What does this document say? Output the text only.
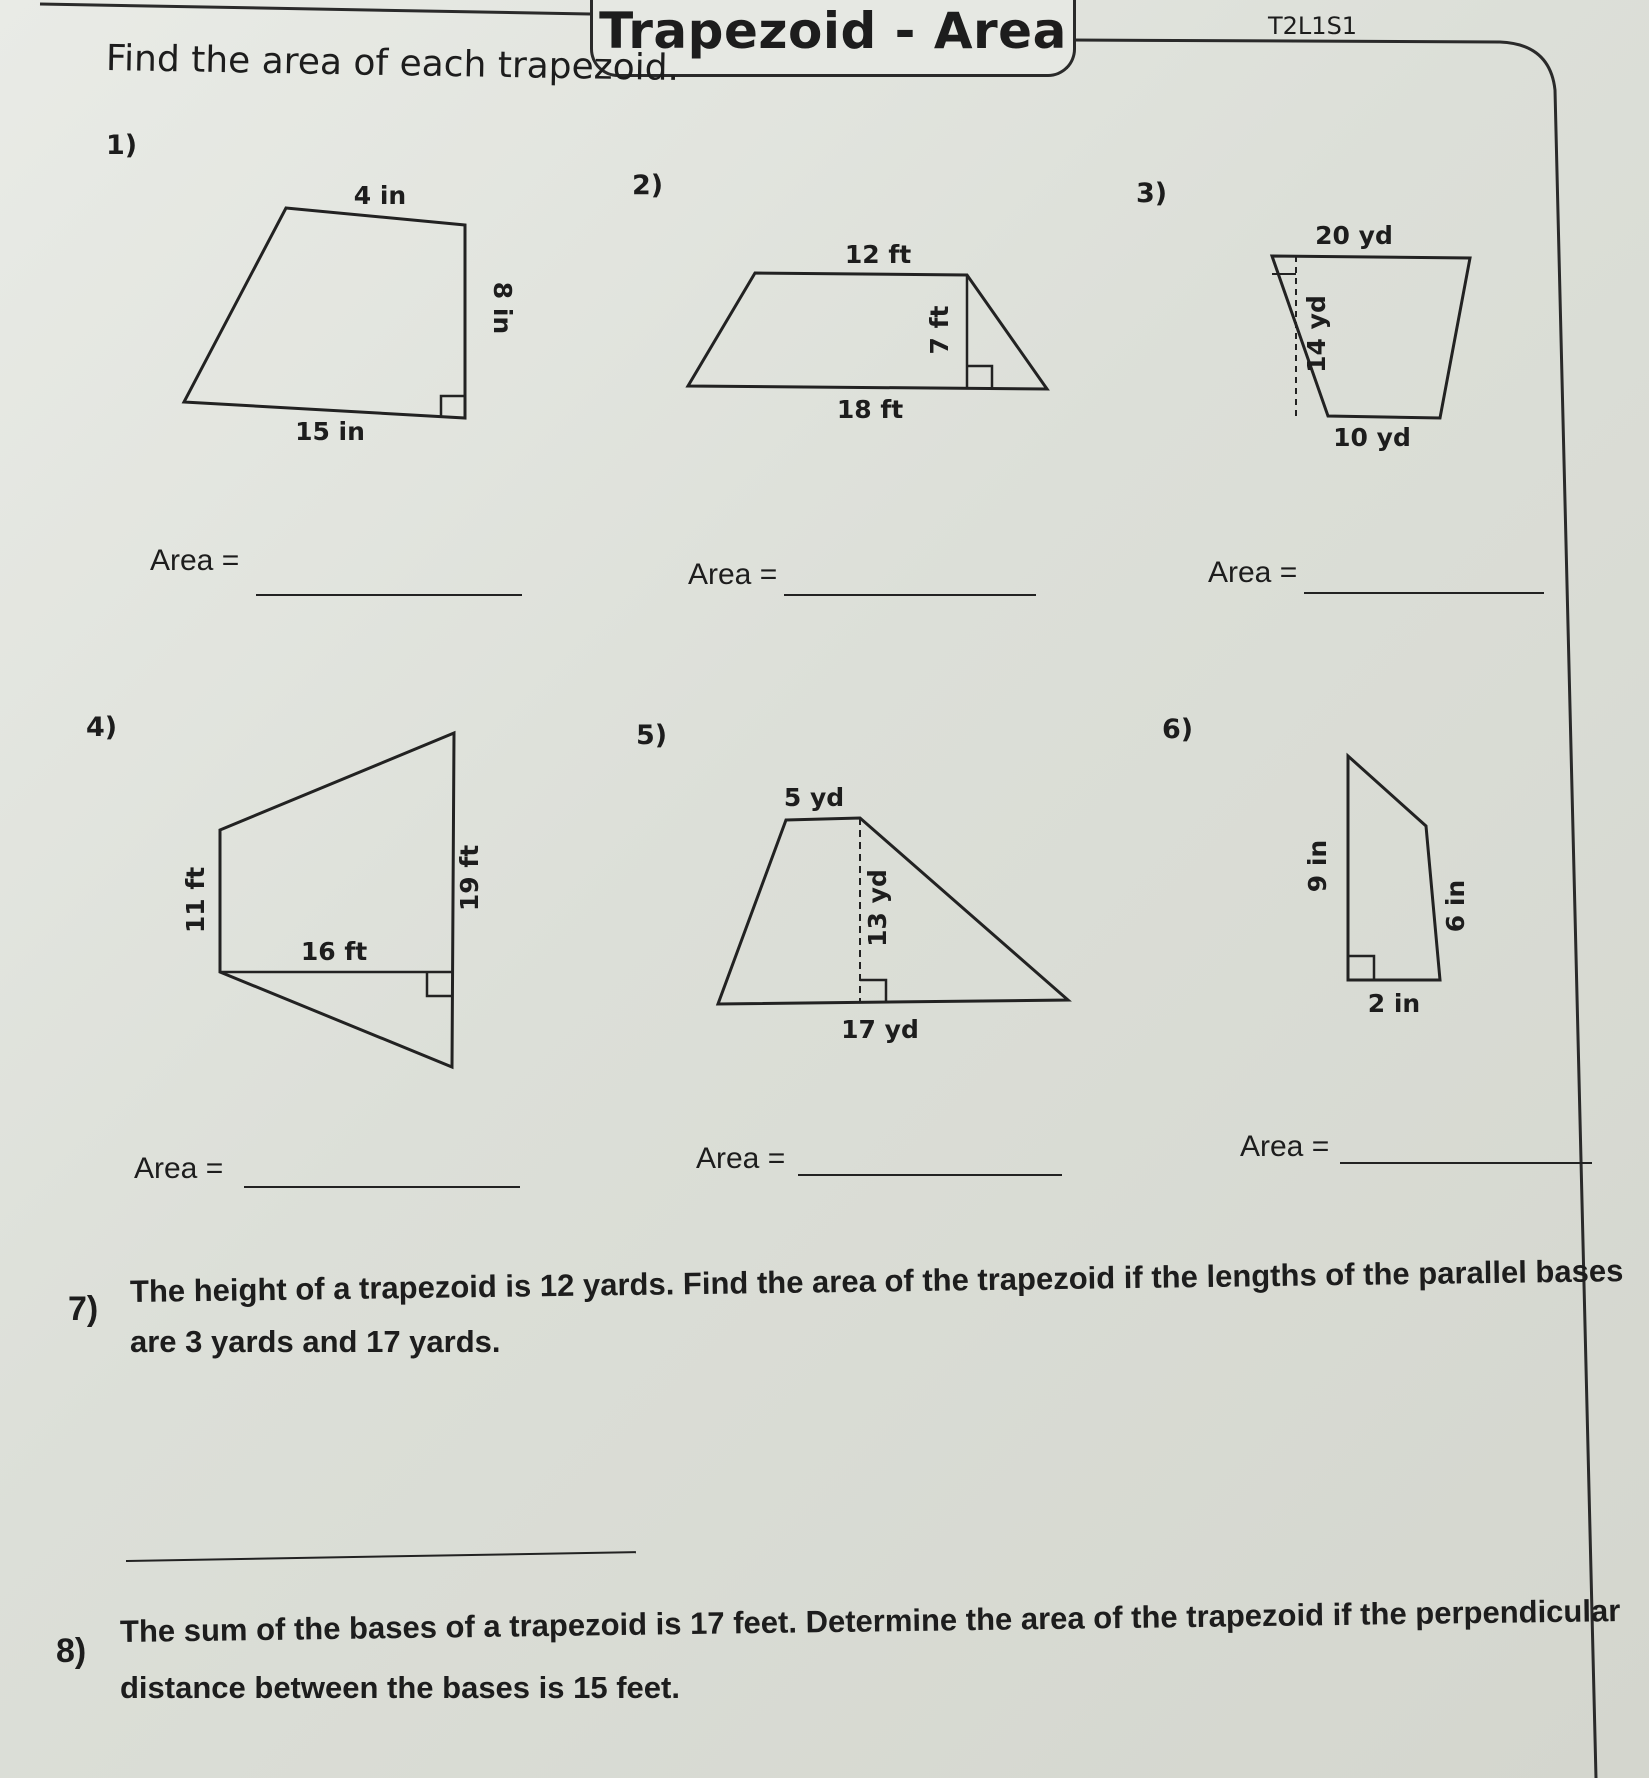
Trapezoid - Area	T2L1S1
Find the area of each trapezoid.
1)
2)	3)
4)	5)	6)
4 in
8 in
15 in
12 ft
7 ft
18 ft
20 yd
14 yd
10 yd
11 ft	19 ft
16 ft
5 yd
13 yd
17 yd
9 in
6 in
2 in
Area =	Area =	Area =
Area =	Area =	Area =
7)
The height of a trapezoid is 12 yards. Find the area of the trapezoid if the lengths of the parallel bases
are 3 yards and 17 yards.
8)
The sum of the bases of a trapezoid is 17 feet. Determine the area of the trapezoid if the perpendicular
distance between the bases is 15 feet.
